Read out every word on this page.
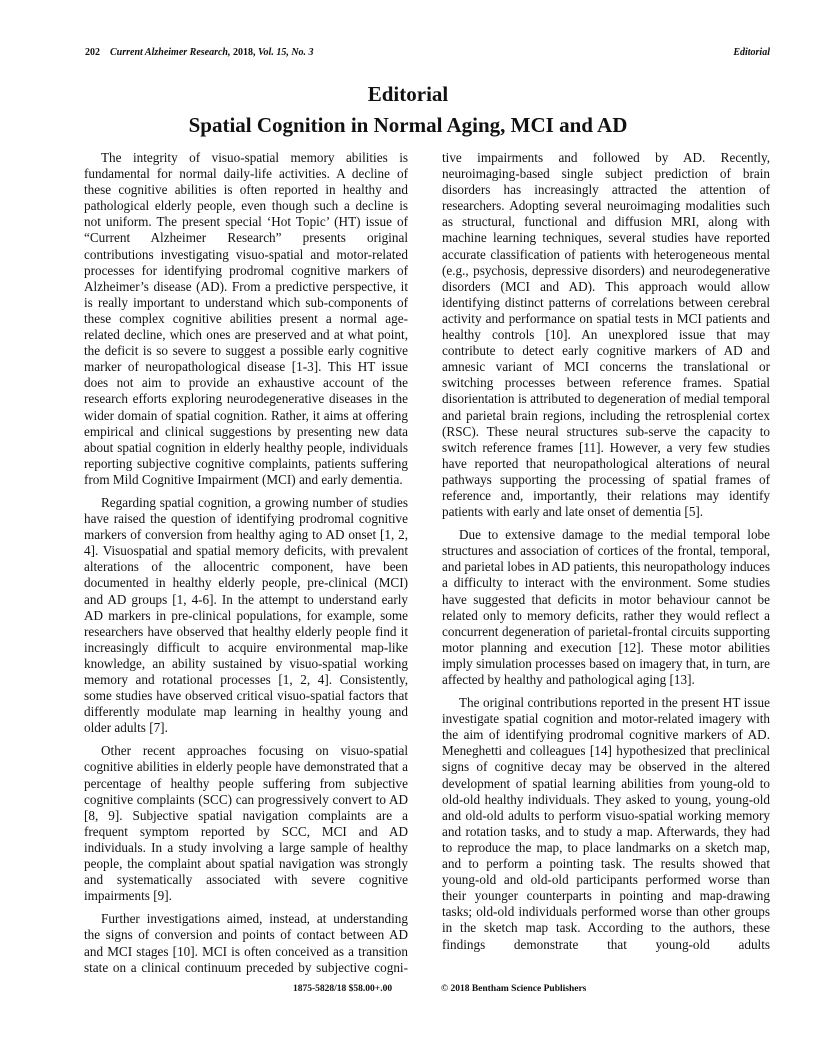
202 Current Alzheimer Research, 2018, Vol. 15, No. 3	Editorial
Editorial
Spatial Cognition in Normal Aging, MCI and AD

The integrity of visuo-spatial memory abilities is fundamental for normal daily-life activities. A decline of these cognitive abilities is often reported in healthy and pathological elderly people, even though such a decline is not uniform. The present special ‘Hot Topic’ (HT) issue of “Current Alzheimer Research” presents original contributions investigating visuo-spatial and motor-related processes for identifying prodromal cognitive markers of Alzheimer’s disease (AD). From a predictive perspective, it is really important to understand which sub-components of these complex cognitive abilities present a normal age-related decline, which ones are preserved and at what point, the deficit is so severe to suggest a possible early cognitive marker of neuropathological disease [1-3]. This HT issue does not aim to provide an exhaustive account of the research efforts exploring neurodegenerative diseases in the wider domain of spatial cognition. Rather, it aims at offering empirical and clinical suggestions by presenting new data about spatial cognition in elderly healthy people, individuals reporting subjective cognitive complaints, patients suffering from Mild Cognitive Impairment (MCI) and early dementia.

Regarding spatial cognition, a growing number of studies have raised the question of identifying prodromal cognitive markers of conversion from healthy aging to AD onset [1, 2, 4]. Visuospatial and spatial memory deficits, with prevalent alterations of the allocentric component, have been documented in healthy elderly people, pre-clinical (MCI) and AD groups [1, 4-6]. In the attempt to understand early AD markers in pre-clinical populations, for example, some researchers have observed that healthy elderly people find it increasingly difficult to acquire environmental map-like knowledge, an ability sustained by visuo-spatial working memory and rotational processes [1, 2, 4]. Consistently, some studies have observed critical visuo-spatial factors that differently modulate map learning in healthy young and older adults [7].

Other recent approaches focusing on visuo-spatial cognitive abilities in elderly people have demonstrated that a percentage of healthy people suffering from subjective cognitive complaints (SCC) can progressively convert to AD [8, 9]. Subjective spatial navigation complaints are a frequent symptom reported by SCC, MCI and AD individuals. In a study involving a large sample of healthy people, the complaint about spatial navigation was strongly and systematically associated with severe cognitive impairments [9].

Further investigations aimed, instead, at understanding the signs of conversion and points of contact between AD and MCI stages [10]. MCI is often conceived as a transition state on a clinical continuum preceded by subjective cogni-

tive impairments and followed by AD. Recently, neuroimaging-based single subject prediction of brain disorders has increasingly attracted the attention of researchers. Adopting several neuroimaging modalities such as structural, functional and diffusion MRI, along with machine learning techniques, several studies have reported accurate classification of patients with heterogeneous mental (e.g., psychosis, depressive disorders) and neurodegenerative disorders (MCI and AD). This approach would allow identifying distinct patterns of correlations between cerebral activity and performance on spatial tests in MCI patients and healthy controls [10]. An unexplored issue that may contribute to detect early cognitive markers of AD and amnesic variant of MCI concerns the translational or switching processes between reference frames. Spatial disorientation is attributed to degeneration of medial temporal and parietal brain regions, including the retrosplenial cortex (RSC). These neural structures sub-serve the capacity to switch reference frames [11]. However, a very few studies have reported that neuropathological alterations of neural pathways supporting the processing of spatial frames of reference and, importantly, their relations may identify patients with early and late onset of dementia [5].

Due to extensive damage to the medial temporal lobe structures and association of cortices of the frontal, temporal, and parietal lobes in AD patients, this neuropathology induces a difficulty to interact with the environment. Some studies have suggested that deficits in motor behaviour cannot be related only to memory deficits, rather they would reflect a concurrent degeneration of parietal-frontal circuits supporting motor planning and execution [12]. These motor abilities imply simulation processes based on imagery that, in turn, are affected by healthy and pathological aging [13].

The original contributions reported in the present HT issue investigate spatial cognition and motor-related imagery with the aim of identifying prodromal cognitive markers of AD. Meneghetti and colleagues [14] hypothesized that preclinical signs of cognitive decay may be observed in the altered development of spatial learning abilities from young-old to old-old healthy individuals. They asked to young, young-old and old-old adults to perform visuo-spatial working memory and rotation tasks, and to study a map. Afterwards, they had to reproduce the map, to place landmarks on a sketch map, and to perform a pointing task. The results showed that young-old and old-old participants performed worse than their younger counterparts in pointing and map-drawing tasks; old-old individuals performed worse than other groups in the sketch map task. According to the authors, these findings demonstrate that young-old adults

1875-5828/18 $58.00+.00	© 2018 Bentham Science Publishers
